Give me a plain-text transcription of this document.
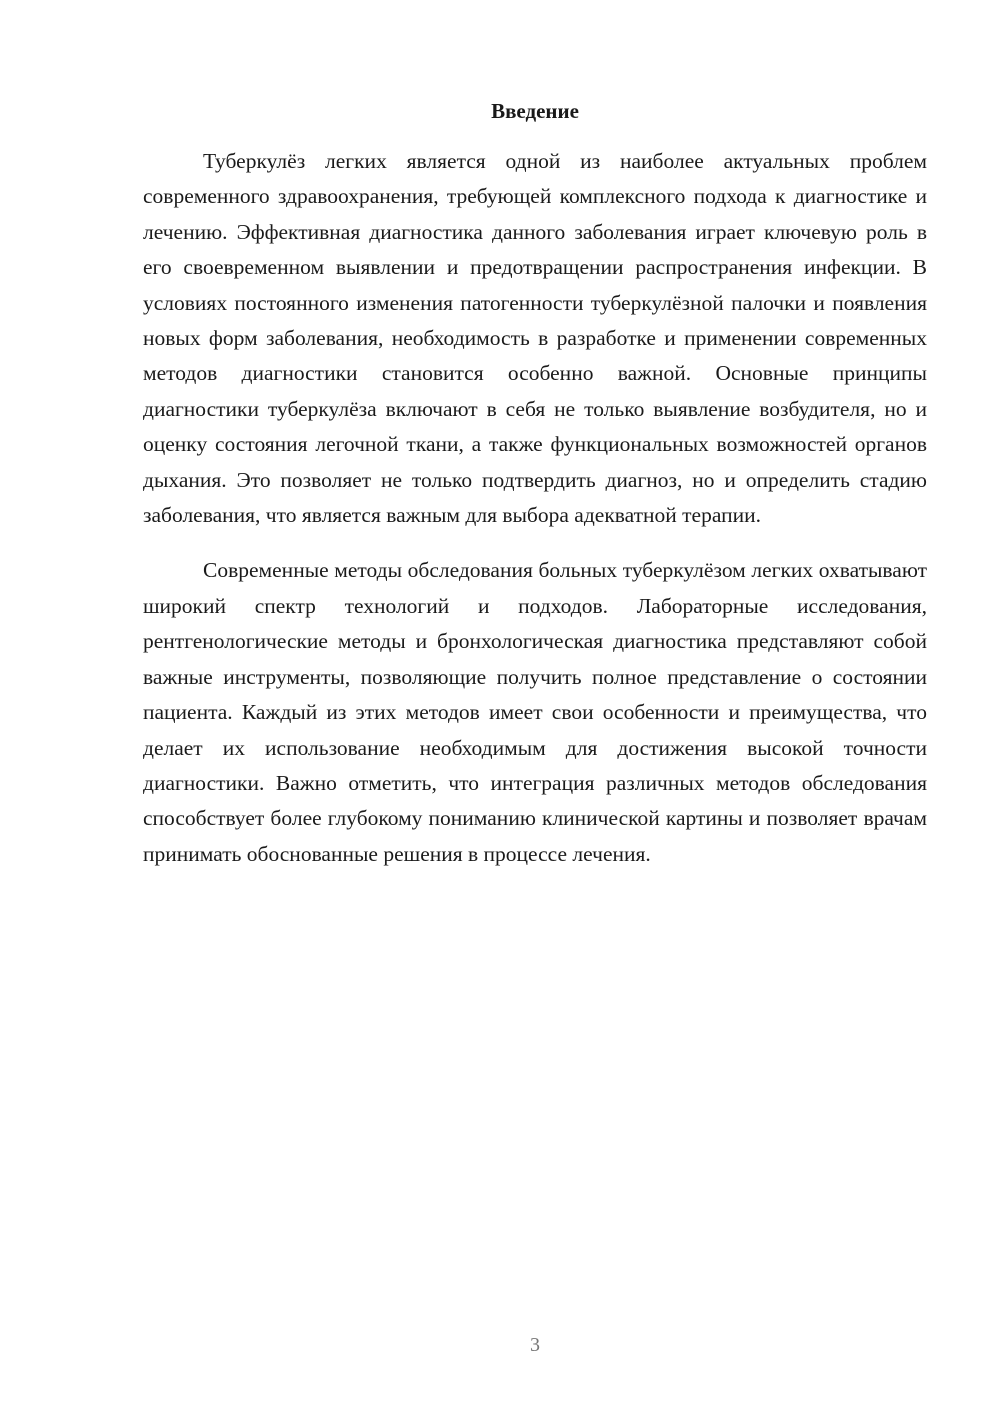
Введение

Туберкулёз легких является одной из наиболее актуальных проблем современного здравоохранения, требующей комплексного подхода к диагностике и лечению. Эффективная диагностика данного заболевания играет ключевую роль в его своевременном выявлении и предотвращении распространения инфекции. В условиях постоянного изменения патогенности туберкулёзной палочки и появления новых форм заболевания, необходимость в разработке и применении современных методов диагностики становится особенно важной. Основные принципы диагностики туберкулёза включают в себя не только выявление возбудителя, но и оценку состояния легочной ткани, а также функциональных возможностей органов дыхания. Это позволяет не только подтвердить диагноз, но и определить стадию заболевания, что является важным для выбора адекватной терапии.

Современные методы обследования больных туберкулёзом легких охватывают широкий спектр технологий и подходов. Лабораторные исследования, рентгенологические методы и бронхологическая диагностика представляют собой важные инструменты, позволяющие получить полное представление о состоянии пациента. Каждый из этих методов имеет свои особенности и преимущества, что делает их использование необходимым для достижения высокой точности диагностики. Важно отметить, что интеграция различных методов обследования способствует более глубокому пониманию клинической картины и позволяет врачам принимать обоснованные решения в процессе лечения.

3
